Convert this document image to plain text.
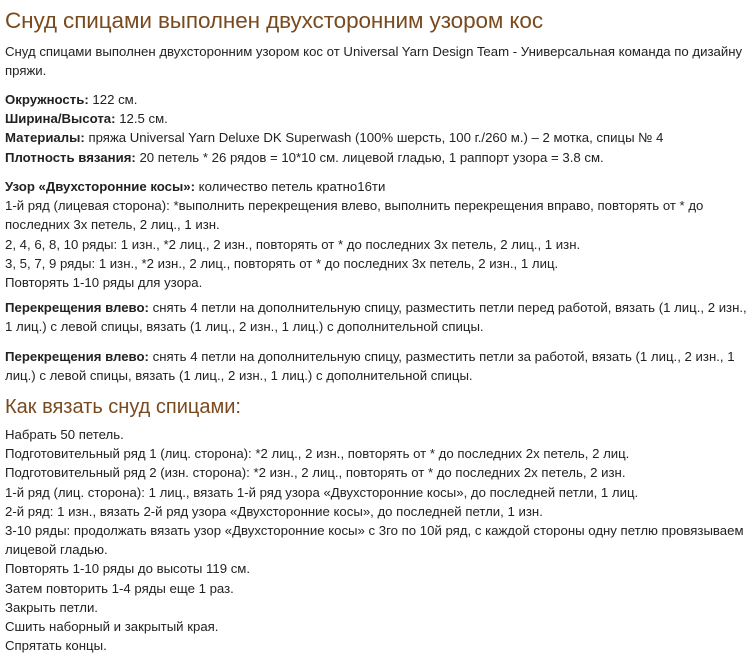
Снуд спицами выполнен двухсторонним узором кос
Снуд спицами выполнен двухсторонним узором кос от Universal Yarn Design Team - Универсальная команда по дизайну
пряжи.
Окружность: 122 см.
Ширина/Высота: 12.5 см.
Материалы: пряжа Universal Yarn Deluxe DK Superwash (100% шерсть, 100 г./260 м.) – 2 мотка, спицы № 4
Плотность вязания: 20 петель * 26 рядов = 10*10 см. лицевой гладью, 1 раппорт узора = 3.8 см.
Узор «Двухсторонние косы»: количество петель кратно16ти
1-й ряд (лицевая сторона): *выполнить перекрещения влево, выполнить перекрещения вправо, повторять от * до
последних 3х петель, 2 лиц., 1 изн.
2, 4, 6, 8, 10 ряды: 1 изн., *2 лиц., 2 изн., повторять от * до последних 3х петель, 2 лиц., 1 изн.
3, 5, 7, 9 ряды: 1 изн., *2 изн., 2 лиц., повторять от * до последних 3х петель, 2 изн., 1 лиц.
Повторять 1-10 ряды для узора.
Перекрещения влево: снять 4 петли на дополнительную спицу, разместить петли перед работой, вязать (1 лиц., 2 изн.,
1 лиц.) с левой спицы, вязать (1 лиц., 2 изн., 1 лиц.) с дополнительной спицы.
Перекрещения влево: снять 4 петли на дополнительную спицу, разместить петли за работой, вязать (1 лиц., 2 изн., 1
лиц.) с левой спицы, вязать (1 лиц., 2 изн., 1 лиц.) с дополнительной спицы.
Как вязать снуд спицами:
Набрать 50 петель.
Подготовительный ряд 1 (лиц. сторона): *2 лиц., 2 изн., повторять от * до последних 2х петель, 2 лиц.
Подготовительный ряд 2 (изн. сторона): *2 изн., 2 лиц., повторять от * до последних 2х петель, 2 изн.
1-й ряд (лиц. сторона): 1 лиц., вязать 1-й ряд узора «Двухсторонние косы», до последней петли, 1 лиц.
2-й ряд: 1 изн., вязать 2-й ряд узора «Двухсторонние косы», до последней петли, 1 изн.
3-10 ряды: продолжать вязать узор «Двухсторонние косы» с 3го по 10й ряд, с каждой стороны одну петлю провязываем
лицевой гладью.
Повторять 1-10 ряды до высоты 119 см.
Затем повторить 1-4 ряды еще 1 раз.
Закрыть петли.
Сшить наборный и закрытый края.
Спрятать концы.
